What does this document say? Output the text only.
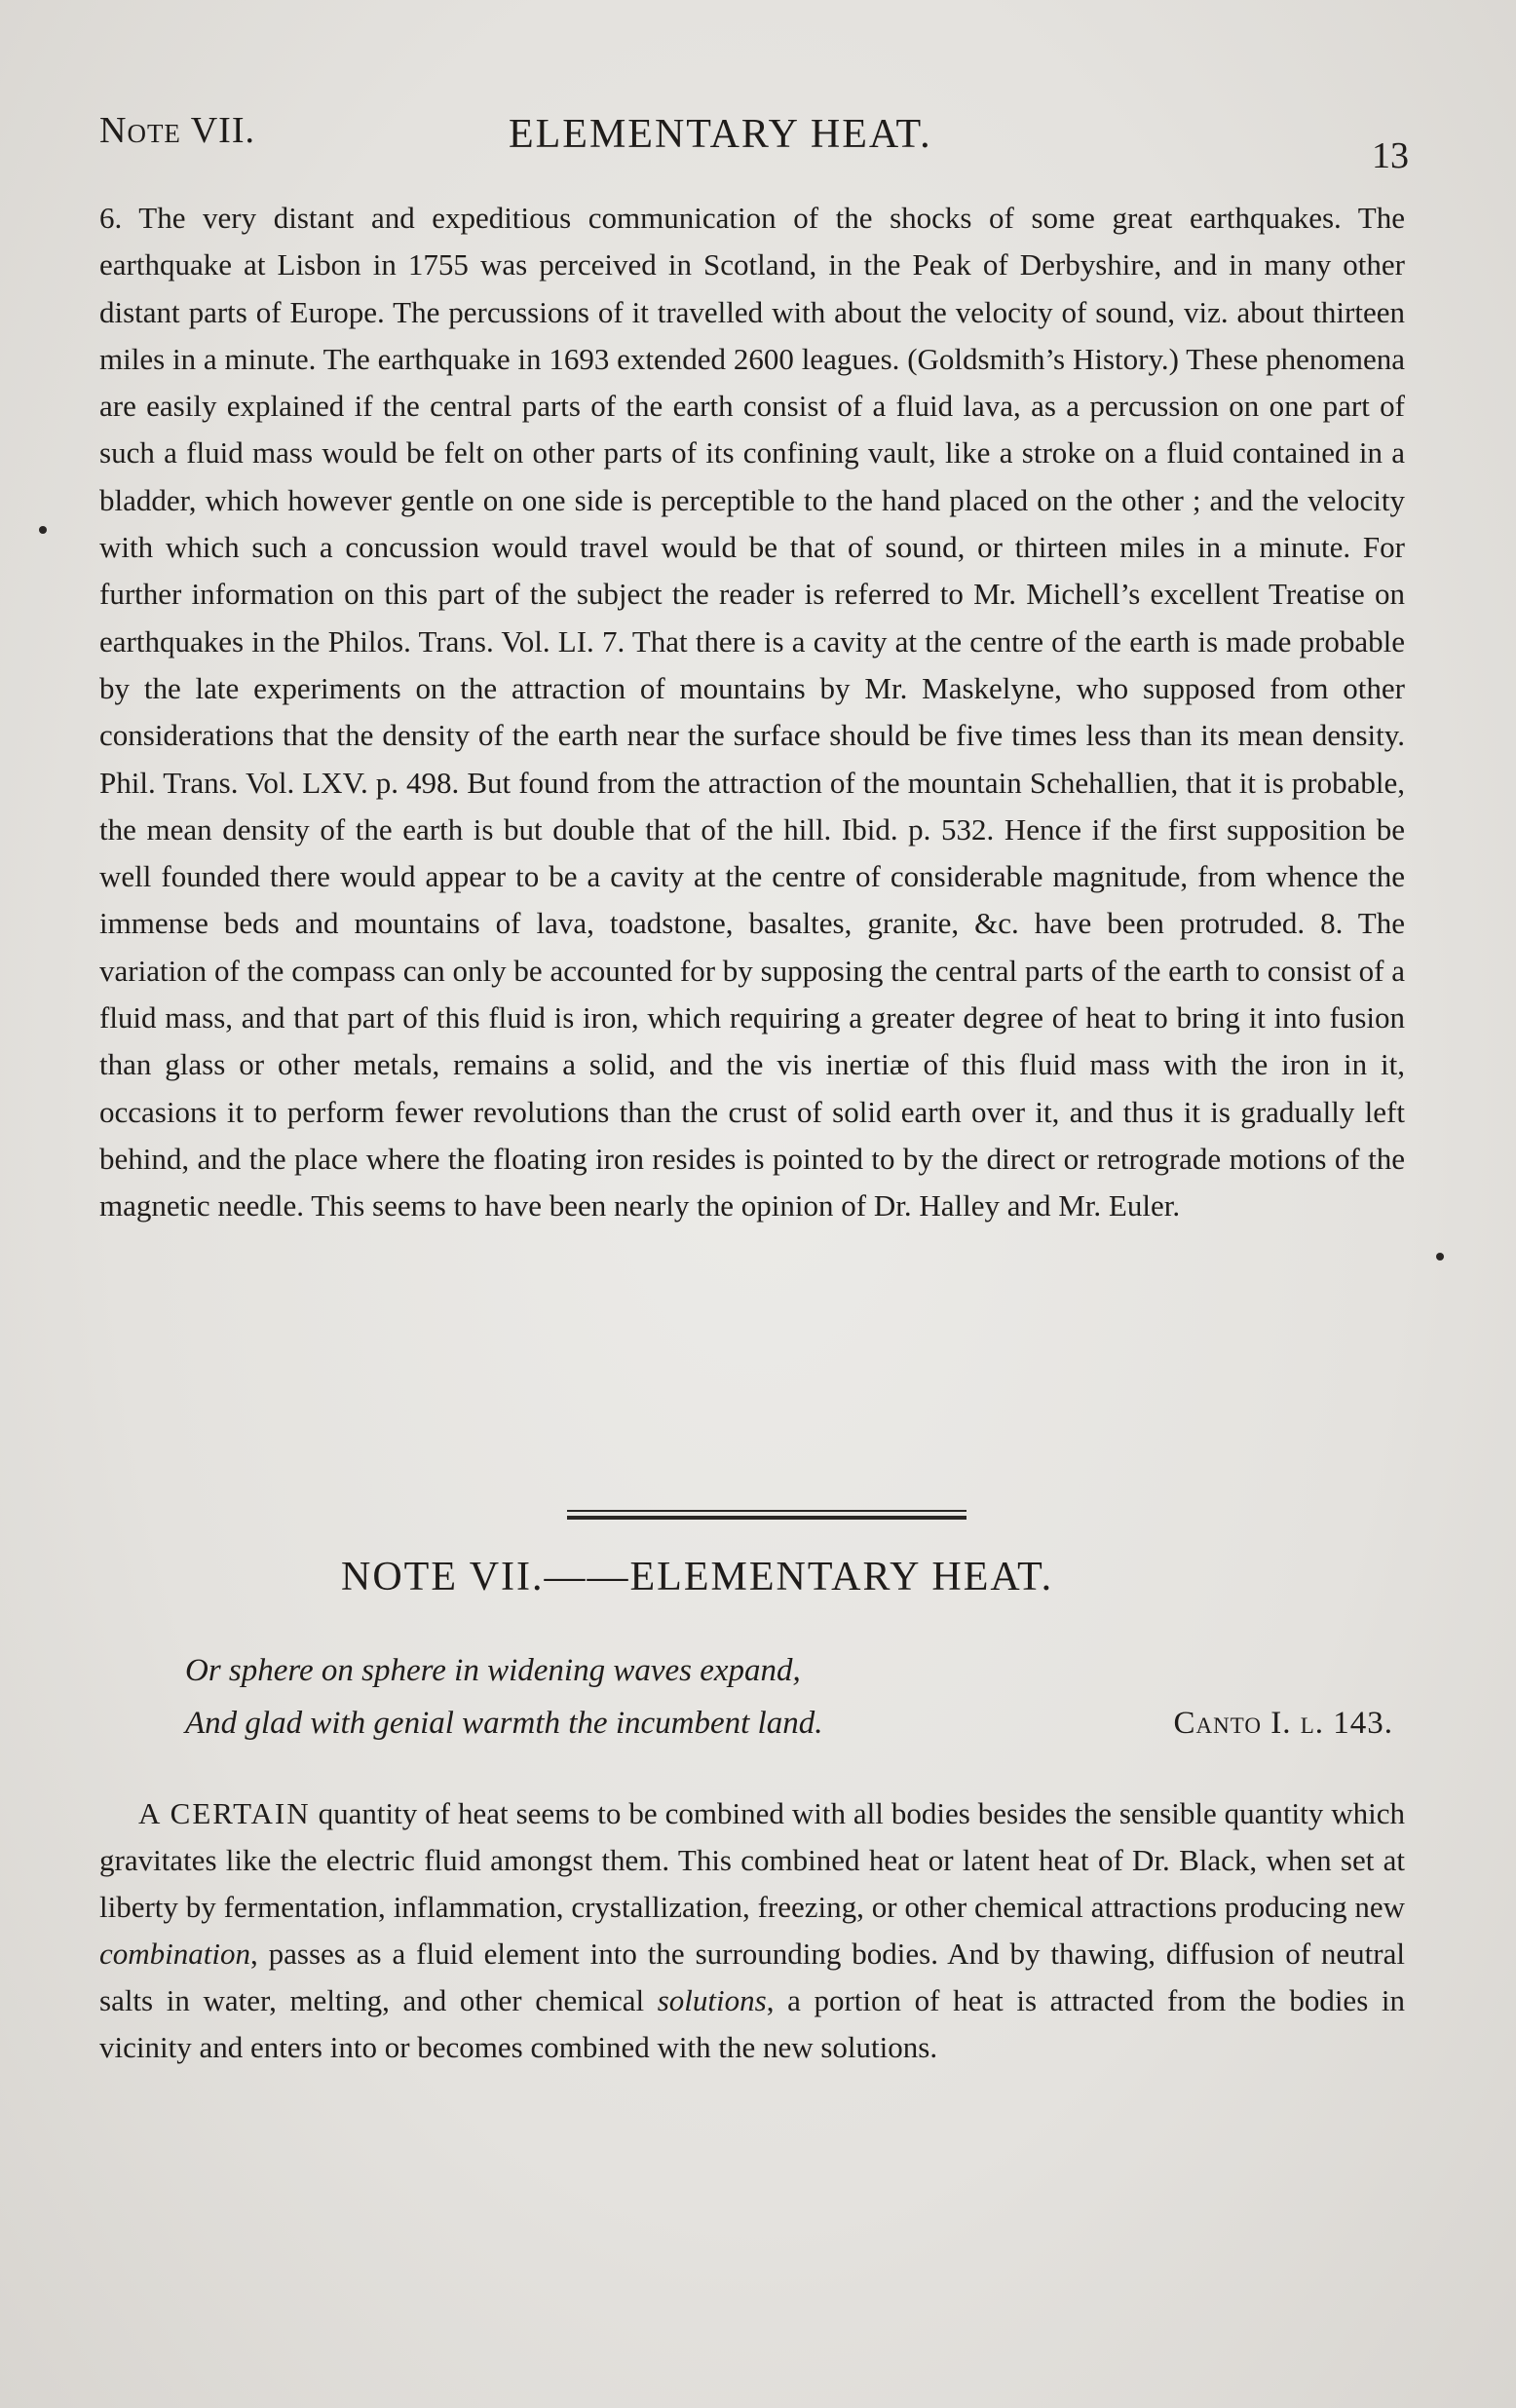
Note VII.	ELEMENTARY HEAT.	13

6. The very distant and expeditious communication of the shocks of some great earthquakes. The earthquake at Lisbon in 1755 was perceived in Scotland, in the Peak of Derbyshire, and in many other distant parts of Europe. The percussions of it travelled with about the velocity of sound, viz. about thirteen miles in a minute. The earthquake in 1693 extended 2600 leagues. (Goldsmith’s History.) These phenomena are easily explained if the central parts of the earth consist of a fluid lava, as a percussion on one part of such a fluid mass would be felt on other parts of its confining vault, like a stroke on a fluid contained in a bladder, which however gentle on one side is perceptible to the hand placed on the other ; and the velocity with which such a concussion would travel would be that of sound, or thirteen miles in a minute. For further information on this part of the subject the reader is referred to Mr. Michell’s excellent Treatise on earthquakes in the Philos. Trans. Vol. LI. 7. That there is a cavity at the centre of the earth is made probable by the late experiments on the attraction of mountains by Mr. Maskelyne, who supposed from other considerations that the density of the earth near the surface should be five times less than its mean density. Phil. Trans. Vol. LXV. p. 498. But found from the attraction of the mountain Schehallien, that it is probable, the mean density of the earth is but double that of the hill. Ibid. p. 532. Hence if the first supposition be well founded there would appear to be a cavity at the centre of considerable magnitude, from whence the immense beds and mountains of lava, toadstone, basaltes, granite, &c. have been protruded. 8. The variation of the compass can only be accounted for by supposing the central parts of the earth to consist of a fluid mass, and that part of this fluid is iron, which requiring a greater degree of heat to bring it into fusion than glass or other metals, remains a solid, and the vis inertiæ of this fluid mass with the iron in it, occasions it to perform fewer revolutions than the crust of solid earth over it, and thus it is gradually left behind, and the place where the floating iron resides is pointed to by the direct or retrograde motions of the magnetic needle. This seems to have been nearly the opinion of Dr. Halley and Mr. Euler.

NOTE VII.——ELEMENTARY HEAT.
Or sphere on sphere in widening waves expand,
And glad with genial warmth the incumbent land.	Canto I. l. 143.

A CERTAIN quantity of heat seems to be combined with all bodies besides the sensible quantity which gravitates like the electric fluid amongst them. This combined heat or latent heat of Dr. Black, when set at liberty by fermentation, inflammation, crystallization, freezing, or other chemical attractions producing new combination, passes as a fluid element into the surrounding bodies. And by thawing, diffusion of neutral salts in water, melting, and other chemical solutions, a portion of heat is attracted from the bodies in vicinity and enters into or becomes combined with the new solutions.
